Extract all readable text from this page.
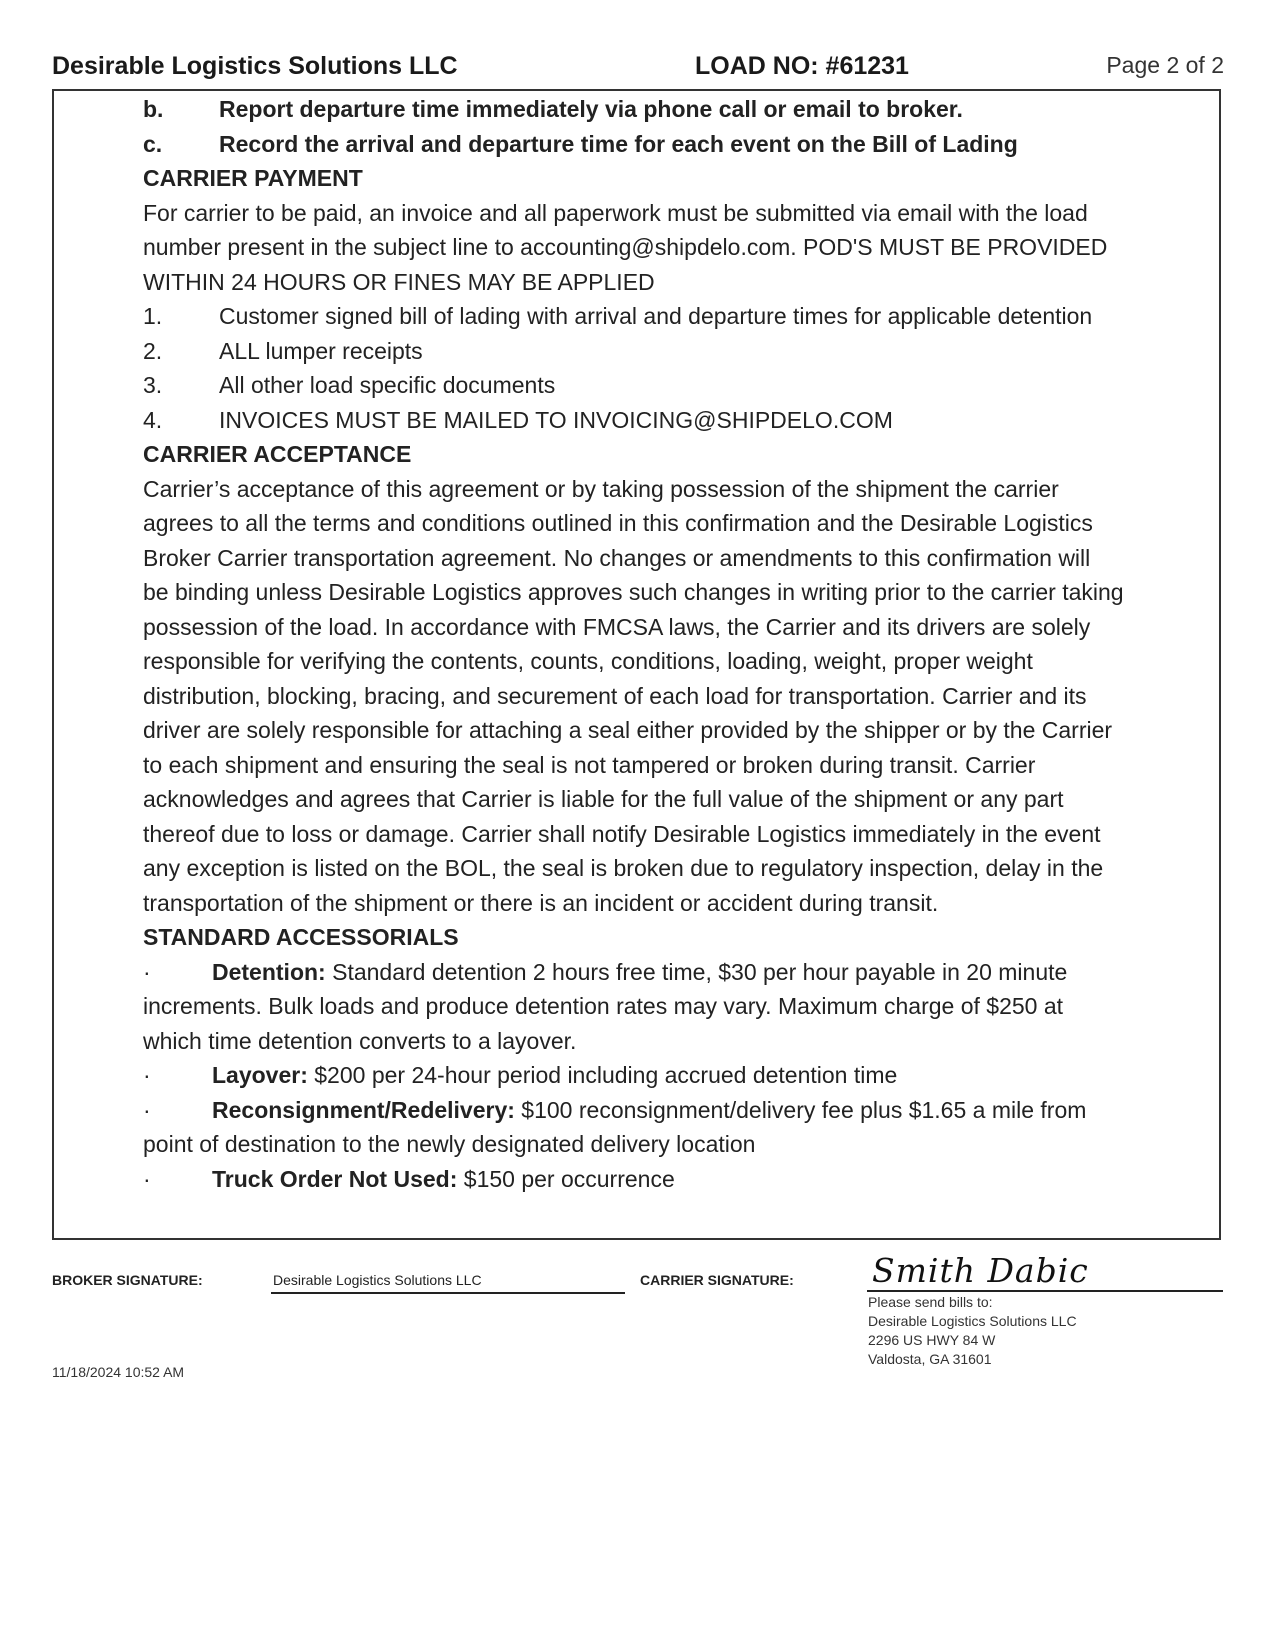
Desirable Logistics Solutions LLC	LOAD NO: #61231	Page 2 of 2
b.	Report departure time immediately via phone call or email to broker.
c.	Record the arrival and departure time for each event on the Bill of Lading
CARRIER PAYMENT
For carrier to be paid, an invoice and all paperwork must be submitted via email with the load
number present in the subject line to accounting@shipdelo.com. POD'S MUST BE PROVIDED
WITHIN 24 HOURS OR FINES MAY BE APPLIED
1.	Customer signed bill of lading with arrival and departure times for applicable detention
2.	ALL lumper receipts
3.	All other load specific documents
4.	INVOICES MUST BE MAILED TO INVOICING@SHIPDELO.COM
CARRIER ACCEPTANCE
Carrier’s acceptance of this agreement or by taking possession of the shipment the carrier
agrees to all the terms and conditions outlined in this confirmation and the Desirable Logistics
Broker Carrier transportation agreement. No changes or amendments to this confirmation will
be binding unless Desirable Logistics approves such changes in writing prior to the carrier taking
possession of the load. In accordance with FMCSA laws, the Carrier and its drivers are solely
responsible for verifying the contents, counts, conditions, loading, weight, proper weight
distribution, blocking, bracing, and securement of each load for transportation. Carrier and its
driver are solely responsible for attaching a seal either provided by the shipper or by the Carrier
to each shipment and ensuring the seal is not tampered or broken during transit. Carrier
acknowledges and agrees that Carrier is liable for the full value of the shipment or any part
thereof due to loss or damage. Carrier shall notify Desirable Logistics immediately in the event
any exception is listed on the BOL, the seal is broken due to regulatory inspection, delay in the
transportation of the shipment or there is an incident or accident during transit.
STANDARD ACCESSORIALS
·	Detention: Standard detention 2 hours free time, $30 per hour payable in 20 minute
increments. Bulk loads and produce detention rates may vary. Maximum charge of $250 at
which time detention converts to a layover.
·	Layover: $200 per 24-hour period including accrued detention time
·	Reconsignment/Redelivery: $100 reconsignment/delivery fee plus $1.65 a mile from
point of destination to the newly designated delivery location
·	Truck Order Not Used: $150 per occurrence
BROKER SIGNATURE:	Desirable Logistics Solutions LLC	CARRIER SIGNATURE: Smith Dabic
Please send bills to:
Desirable Logistics Solutions LLC
2296 US HWY 84 W
Valdosta, GA 31601
11/18/2024 10:52 AM
